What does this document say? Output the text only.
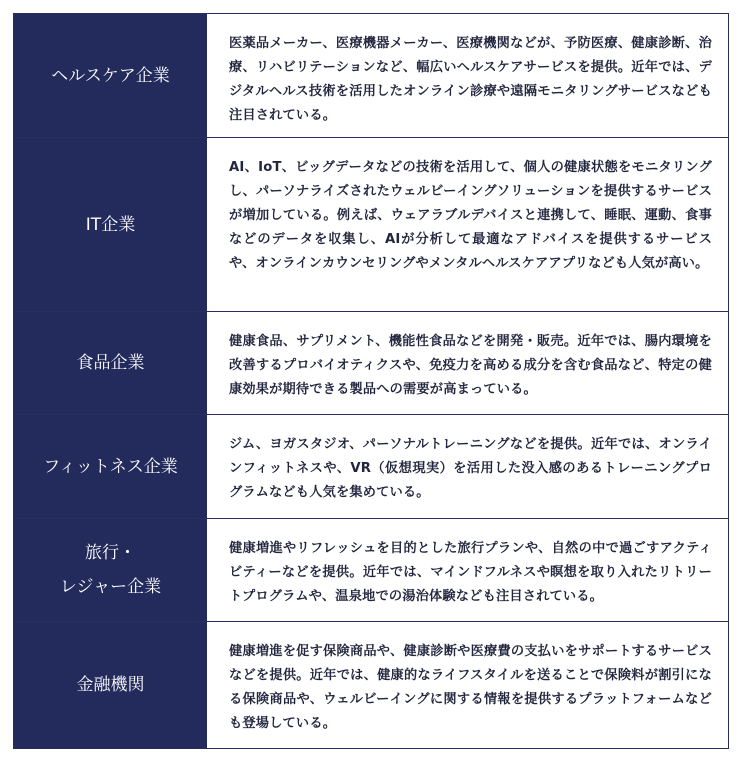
ヘルスケア企業
医薬品メーカー、医療機器メーカー、医療機関などが、予防医療、健康診断、治療、リハビリテーションなど、幅広いヘルスケアサービスを提供。近年では、デジタルヘルス技術を活用したオンライン診療や遠隔モニタリングサービスなども注目されている。
IT企業
AI、IoT、ビッグデータなどの技術を活用して、個人の健康状態をモニタリングし、パーソナライズされたウェルビーイングソリューションを提供するサービスが増加している。例えば、ウェアラブルデバイスと連携して、睡眠、運動、食事などのデータを収集し、AIが分析して最適なアドバイスを提供するサービスや、オンラインカウンセリングやメンタルヘルスケアアプリなども人気が高い。
食品企業
健康食品、サプリメント、機能性食品などを開発・販売。近年では、腸内環境を改善するプロバイオティクスや、免疫力を高める成分を含む食品など、特定の健康効果が期待できる製品への需要が高まっている。
フィットネス企業
ジム、ヨガスタジオ、パーソナルトレーニングなどを提供。近年では、オンラインフィットネスや、VR（仮想現実）を活用した没入感のあるトレーニングプログラムなども人気を集めている。
旅行・
レジャー企業
健康増進やリフレッシュを目的とした旅行プランや、自然の中で過ごすアクティビティーなどを提供。近年では、マインドフルネスや瞑想を取り入れたリトリートプログラムや、温泉地での湯治体験なども注目されている。
金融機関
健康増進を促す保険商品や、健康診断や医療費の支払いをサポートするサービスなどを提供。近年では、健康的なライフスタイルを送ることで保険料が割引になる保険商品や、ウェルビーイングに関する情報を提供するプラットフォームなども登場している。
